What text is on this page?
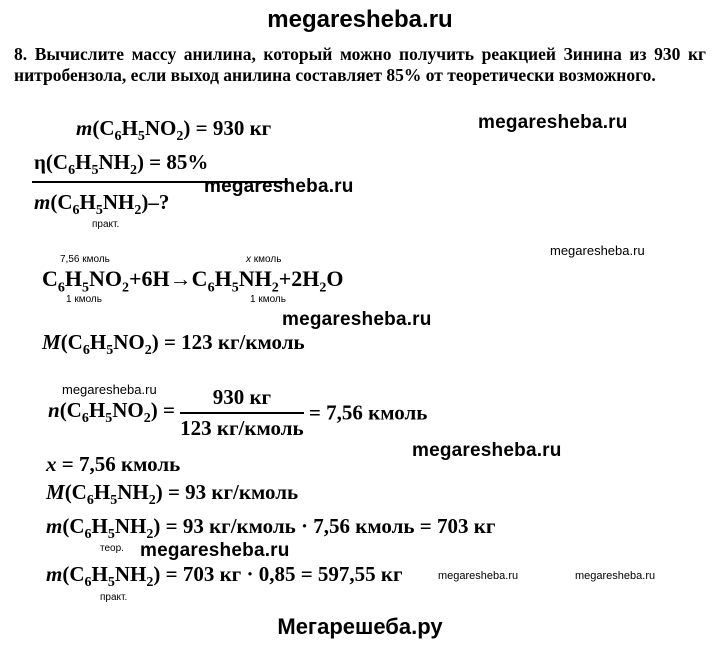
megaresheba.ru
8. Вычислите массу анилина, который можно получить реакцией Зинина из 930 кг нитробензола, если выход анилина составляет 85% от теоретически возможного.
$m(C_6H_5NO_2) = 930$ кг
$\eta(C_6H_5NH_2) = 85\%$
$m(C_6H_5NH_2)-$?
практ.
7,56 кмоль	x кмоль
$C_6H_5NO_2+6H\to C_6H_5NH_2+2H_2O$
1 кмоль	1 кмоль
$M(C_6H_5NO_2) = 123$ кг/кмоль
$n(C_6H_5NO_2) = \frac{930 кг}{\text{123 кг/кмоль}} = 7,56$ кмоль
x = 7,56 кмоль
$M(C_6H_5NH_2) = 93$ кг/кмоль
$m(C_6H_5NH_2) = 93$ кг/кмоль · 7,56 кмоль = 703 кг
теор.
$m(C_6H_5NH_2) = 703$ кг · 0,85 = 597,55 кг
практ.
megaresheba.ru
megaresheba.ru
megaresheba.ru
megaresheba.ru
megaresheba.ru
megaresheba.ru
megaresheba.ru
megaresheba.ru	megaresheba.ru
Мегарешеба.ру
